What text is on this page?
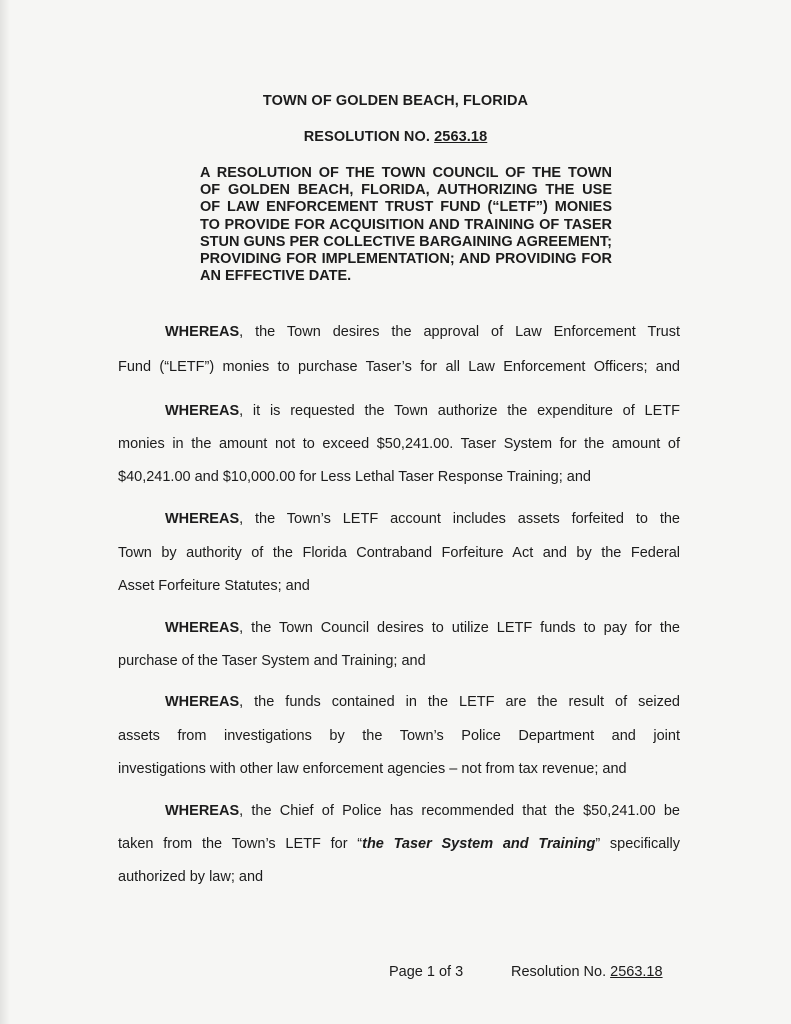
TOWN OF GOLDEN BEACH, FLORIDA
RESOLUTION NO. 2563.18
A RESOLUTION OF THE TOWN COUNCIL OF THE TOWN OF GOLDEN BEACH, FLORIDA, AUTHORIZING THE USE OF LAW ENFORCEMENT TRUST FUND (“LETF”) MONIES TO PROVIDE FOR ACQUISITION AND TRAINING OF TASER STUN GUNS PER COLLECTIVE BARGAINING AGREEMENT; PROVIDING FOR IMPLEMENTATION; AND PROVIDING FOR AN EFFECTIVE DATE.
WHEREAS, the Town desires the approval of Law Enforcement Trust
Fund (“LETF”) monies to purchase Taser’s for all Law Enforcement Officers; and
WHEREAS, it is requested the Town authorize the expenditure of LETF
monies in the amount not to exceed $50,241.00. Taser System for the amount of
$40,241.00 and $10,000.00 for Less Lethal Taser Response Training; and
WHEREAS, the Town’s LETF account includes assets forfeited to the
Town by authority of the Florida Contraband Forfeiture Act and by the Federal
Asset Forfeiture Statutes; and
WHEREAS, the Town Council desires to utilize LETF funds to pay for the
purchase of the Taser System and Training; and
WHEREAS, the funds contained in the LETF are the result of seized
assets from investigations by the Town’s Police Department and joint
investigations with other law enforcement agencies – not from tax revenue; and
WHEREAS, the Chief of Police has recommended that the $50,241.00 be
taken from the Town’s LETF for “the Taser System and Training” specifically
authorized by law; and
Page 1 of 3	Resolution No. 2563.18
